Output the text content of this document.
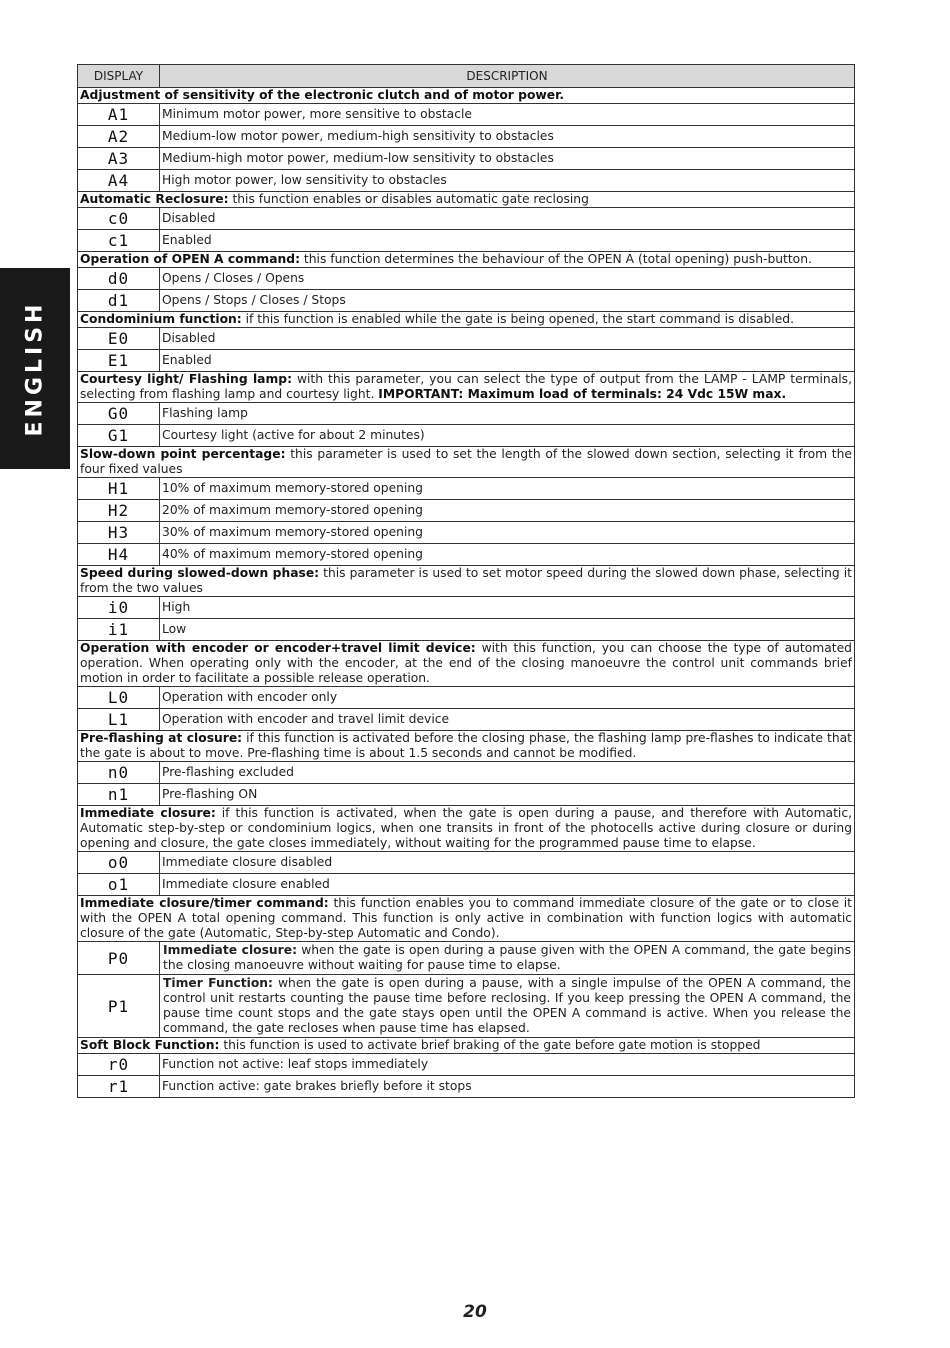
ENGLISH
DISPLAY	DESCRIPTION
Adjustment of sensitivity of the electronic clutch and of motor power.	
A1	Minimum motor power, more sensitive to obstacle
A2	Medium-low motor power, medium-high sensitivity to obstacles
A3	Medium-high motor power, medium-low sensitivity to obstacles
A4	High motor power, low sensitivity to obstacles
Automatic Reclosure: this function enables or disables automatic gate reclosing	
c0	Disabled
c1	Enabled
Operation of OPEN A command: this function determines the behaviour of the OPEN A (total opening) push-button.	
d0	Opens / Closes / Opens
d1	Opens / Stops / Closes / Stops
Condominium function: if this function is enabled while the gate is being opened, the start command is disabled.	
E0	Disabled
E1	Enabled
Courtesy light/ Flashing lamp: with this parameter, you can select the type of output from the LAMP - LAMP terminals, selecting from flashing lamp and courtesy light. IMPORTANT: Maximum load of terminals: 24 Vdc 15W max.	
G0	Flashing lamp
G1	Courtesy light (active for about 2 minutes)
Slow-down point percentage: this parameter is used to set the length of the slowed down section, selecting it from the four fixed values	
H1	10% of maximum memory-stored opening
H2	20% of maximum memory-stored opening
H3	30% of maximum memory-stored opening
H4	40% of maximum memory-stored opening
Speed during slowed-down phase: this parameter is used to set motor speed during the slowed down phase, selecting it from the two values	
i0	High
i1	Low
Operation with encoder or encoder+travel limit device: with this function, you can choose the type of automated operation. When operating only with the encoder, at the end of the closing manoeuvre the control unit commands brief motion in order to facilitate a possible release operation.	
L0	Operation with encoder only
L1	Operation with encoder and travel limit device
Pre-flashing at closure: if this function is activated before the closing phase, the flashing lamp pre-flashes to indicate that the gate is about to move. Pre-flashing time is about 1.5 seconds and cannot be modified.	
n0	Pre-flashing excluded
n1	Pre-flashing ON
Immediate closure: if this function is activated, when the gate is open during a pause, and therefore with Automatic, Automatic step-by-step or condominium logics, when one transits in front of the photocells active during closure or during opening and closure, the gate closes immediately, without waiting for the programmed pause time to elapse.	
o0	Immediate closure disabled
o1	Immediate closure enabled
Immediate closure/timer command: this function enables you to command immediate closure of the gate or to close it with the OPEN A total opening command. This function is only active in combination with function logics with automatic closure of the gate (Automatic, Step-by-step Automatic and Condo).	
P0	Immediate closure: when the gate is open during a pause given with the OPEN A command, the gate begins the closing manoeuvre without waiting for pause time to elapse.
P1	Timer Function: when the gate is open during a pause, with a single impulse of the OPEN A command, the control unit restarts counting the pause time before reclosing. If you keep pressing the OPEN A command, the pause time count stops and the gate stays open until the OPEN A command is active. When you release the command, the gate recloses when pause time has elapsed.
Soft Block Function: this function is used to activate brief braking of the gate before gate motion is stopped	
r0	Function not active: leaf stops immediately
r1	Function active: gate brakes briefly before it stops
20
